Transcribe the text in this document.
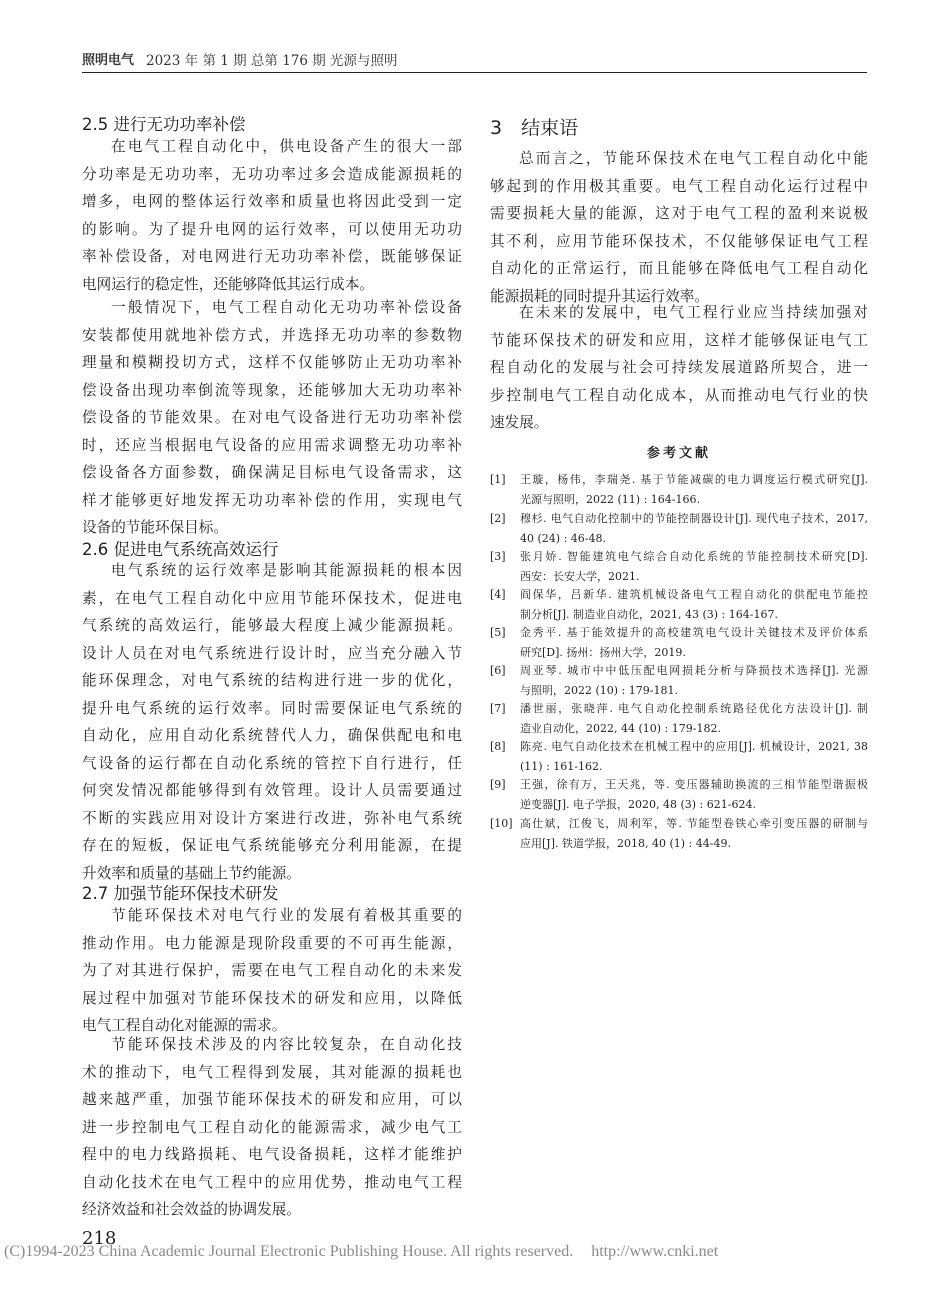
照明电气 2023 年 第 1 期 总第 176 期 光源与照明
2.5 进行无功功率补偿
在电气工程自动化中，供电设备产生的很大一部
分功率是无功功率，无功功率过多会造成能源损耗的
增多，电网的整体运行效率和质量也将因此受到一定
的影响。为了提升电网的运行效率，可以使用无功功
率补偿设备，对电网进行无功功率补偿，既能够保证
电网运行的稳定性，还能够降低其运行成本。
一般情况下，电气工程自动化无功功率补偿设备
安装都使用就地补偿方式，并选择无功功率的参数物
理量和模糊投切方式，这样不仅能够防止无功功率补
偿设备出现功率倒流等现象，还能够加大无功功率补
偿设备的节能效果。在对电气设备进行无功功率补偿
时，还应当根据电气设备的应用需求调整无功功率补
偿设备各方面参数，确保满足目标电气设备需求，这
样才能够更好地发挥无功功率补偿的作用，实现电气
设备的节能环保目标。
2.6 促进电气系统高效运行
电气系统的运行效率是影响其能源损耗的根本因
素，在电气工程自动化中应用节能环保技术，促进电
气系统的高效运行，能够最大程度上减少能源损耗。
设计人员在对电气系统进行设计时，应当充分融入节
能环保理念，对电气系统的结构进行进一步的优化，
提升电气系统的运行效率。同时需要保证电气系统的
自动化，应用自动化系统替代人力，确保供配电和电
气设备的运行都在自动化系统的管控下自行进行，任
何突发情况都能够得到有效管理。设计人员需要通过
不断的实践应用对设计方案进行改进，弥补电气系统
存在的短板，保证电气系统能够充分利用能源，在提
升效率和质量的基础上节约能源。
2.7 加强节能环保技术研发
节能环保技术对电气行业的发展有着极其重要的
推动作用。电力能源是现阶段重要的不可再生能源，
为了对其进行保护，需要在电气工程自动化的未来发
展过程中加强对节能环保技术的研发和应用，以降低
电气工程自动化对能源的需求。
节能环保技术涉及的内容比较复杂，在自动化技
术的推动下，电气工程得到发展，其对能源的损耗也
越来越严重，加强节能环保技术的研发和应用，可以
进一步控制电气工程自动化的能源需求，减少电气工
程中的电力线路损耗、电气设备损耗，这样才能维护
自动化技术在电气工程中的应用优势，推动电气工程
经济效益和社会效益的协调发展。
3　结束语
总而言之，节能环保技术在电气工程自动化中能
够起到的作用极其重要。电气工程自动化运行过程中
需要损耗大量的能源，这对于电气工程的盈利来说极
其不利，应用节能环保技术，不仅能够保证电气工程
自动化的正常运行，而且能够在降低电气工程自动化
能源损耗的同时提升其运行效率。
在未来的发展中，电气工程行业应当持续加强对
节能环保技术的研发和应用，这样才能够保证电气工
程自动化的发展与社会可持续发展道路所契合，进一
步控制电气工程自动化成本，从而推动电气行业的快
速发展。
参考文献
[1] 王璇，杨伟，李瑞尧. 基于节能减碳的电力调度运行模式研究[J].
光源与照明，2022 (11) : 164-166.
[2] 穆杉. 电气自动化控制中的节能控制器设计[J]. 现代电子技术，2017,
40 (24) : 46-48.
[3] 张月娇. 智能建筑电气综合自动化系统的节能控制技术研究[D].
西安：长安大学，2021.
[4] 阎保华，吕新华. 建筑机械设备电气工程自动化的供配电节能控
制分析[J]. 制造业自动化，2021, 43 (3) : 164-167.
[5] 金秀平. 基于能效提升的高校建筑电气设计关键技术及评价体系
研究[D]. 扬州：扬州大学，2019.
[6] 周亚琴. 城市中中低压配电网损耗分析与降损技术选择[J]. 光源
与照明，2022 (10) : 179-181.
[7] 潘世丽，张晓萍. 电气自动化控制系统路径优化方法设计[J]. 制
造业自动化，2022, 44 (10) : 179-182.
[8] 陈亮. 电气自动化技术在机械工程中的应用[J]. 机械设计，2021, 38
(11) : 161-162.
[9] 王强，徐有万，王天兆，等. 变压器辅助换流的三相节能型谐振极
逆变器[J]. 电子学报，2020, 48 (3) : 621-624.
[10] 高仕斌，江俊飞，周利军，等. 节能型卷铁心牵引变压器的研制与
应用[J]. 铁道学报，2018, 40 (1) : 44-49.
218
(C)1994-2023 China Academic Journal Electronic Publishing House. All rights reserved. http://www.cnki.net
